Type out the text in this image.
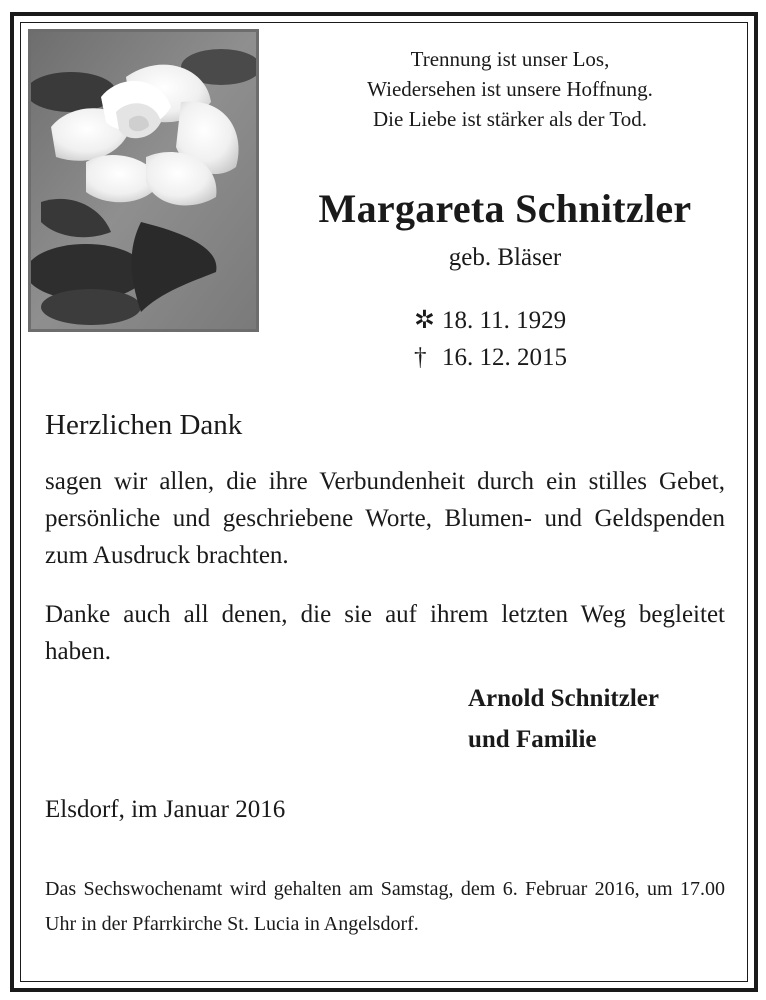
Trennung ist unser Los,
Wiedersehen ist unsere Hoffnung.
Die Liebe ist stärker als der Tod.
Margareta Schnitzler
geb. Bläser
✲ 18. 11. 1929
† 16. 12. 2015
Herzlichen Dank
sagen wir allen, die ihre Verbundenheit durch ein stilles Gebet, persönliche und geschriebene Worte, Blumen- und Geldspenden zum Ausdruck brachten.
Danke auch all denen, die sie auf ihrem letzten Weg begleitet haben.
Arnold Schnitzler
und Familie
Elsdorf, im Januar 2016
Das Sechswochenamt wird gehalten am Samstag, dem 6. Februar 2016, um 17.00 Uhr in der Pfarrkirche St. Lucia in Angelsdorf.
